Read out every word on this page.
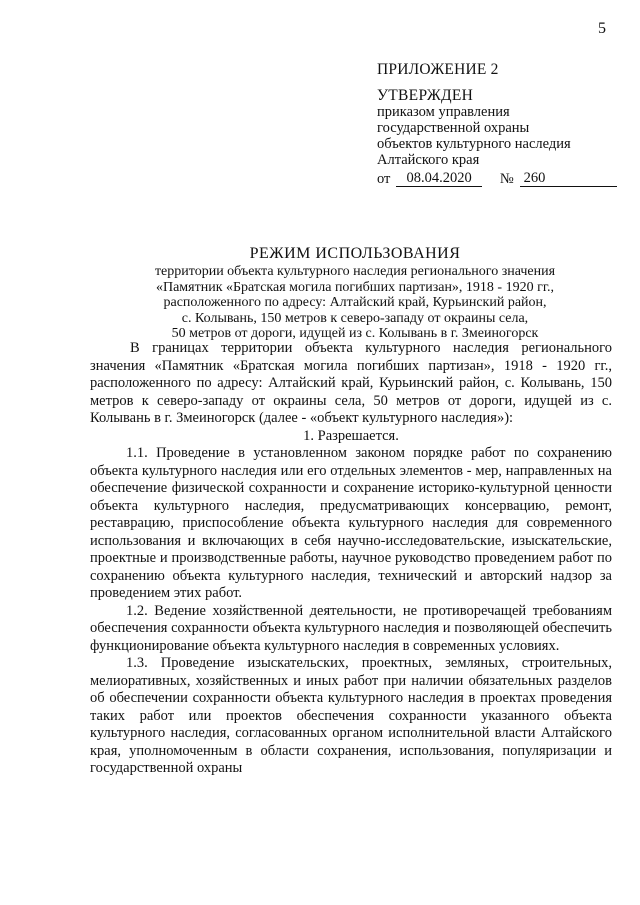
5
ПРИЛОЖЕНИЕ 2
УТВЕРЖДЕН
приказом управления
государственной охраны
объектов культурного наследия
Алтайского края
от	08.04.2020	№ 260
РЕЖИМ ИСПОЛЬЗОВАНИЯ
территории объекта культурного наследия регионального значения
«Памятник «Братская могила погибших партизан», 1918 - 1920 гг.,
расположенного по адресу: Алтайский край, Курьинский район,
с. Колывань, 150 метров к северо-западу от окраины села,
50 метров от дороги, идущей из с. Колывань в г. Змеиногорск

В границах территории объекта культурного наследия регионального значения «Памятник «Братская могила погибших партизан», 1918 - 1920 гг., расположенного по адресу: Алтайский край, Курьинский район, с. Колывань, 150 метров к северо-западу от окраины села, 50 метров от дороги, идущей из с. Колывань в г. Змеиногорск (далее - «объект культурного наследия»):

1. Разрешается.

1.1. Проведение в установленном законом порядке работ по сохранению объекта культурного наследия или его отдельных элементов - мер, направленных на обеспечение физической сохранности и сохранение историко-культурной ценности объекта культурного наследия, предусматривающих консервацию, ремонт, реставрацию, приспособление объекта культурного наследия для современного использования и включающих в себя научно-исследовательские, изыскательские, проектные и производственные работы, научное руководство проведением работ по сохранению объекта культурного наследия, технический и авторский надзор за проведением этих работ.

1.2. Ведение хозяйственной деятельности, не противоречащей требованиям обеспечения сохранности объекта культурного наследия и позволяющей обеспечить функционирование объекта культурного наследия в современных условиях.

1.3. Проведение изыскательских, проектных, земляных, строительных, мелиоративных, хозяйственных и иных работ при наличии обязательных разделов об обеспечении сохранности объекта культурного наследия в проектах проведения таких работ или проектов обеспечения сохранности указанного объекта культурного наследия, согласованных органом исполнительной власти Алтайского края, уполномоченным в области сохранения, использования, популяризации и государственной охраны
